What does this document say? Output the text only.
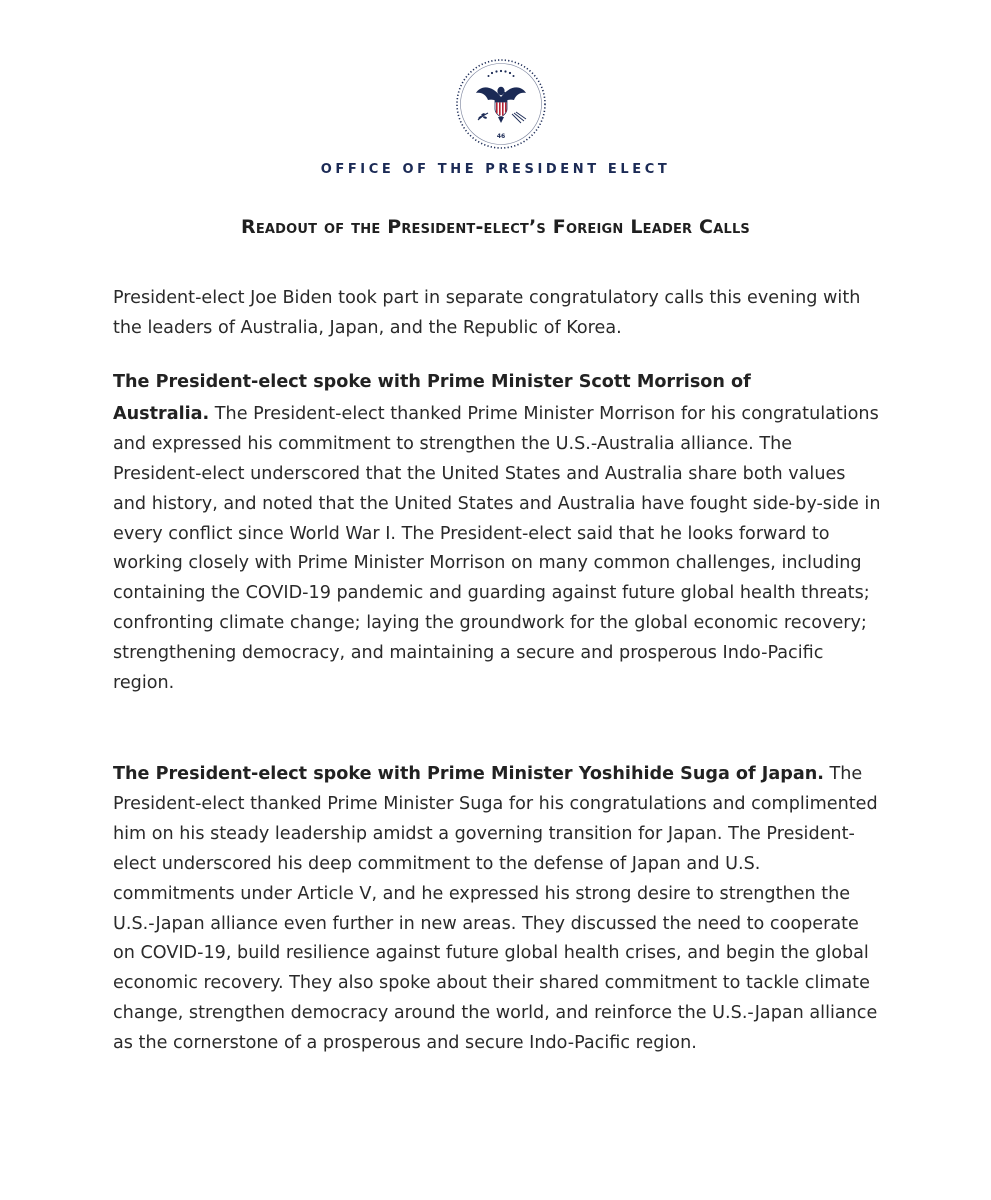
46
OFFICE OF THE PRESIDENT ELECT
Readout of the President-elect’s Foreign Leader Calls

President-elect Joe Biden took part in separate congratulatory calls this evening with the leaders of Australia, Japan, and the Republic of Korea.

The President-elect spoke with Prime Minister Scott Morrison of
Australia. The President-elect thanked Prime Minister Morrison for his congratulations and expressed his commitment to strengthen the U.S.-Australia alliance. The President-elect underscored that the United States and Australia share both values and history, and noted that the United States and Australia have fought side-by-side in every conflict since World War I. The President-elect said that he looks forward to working closely with Prime Minister Morrison on many common challenges, including containing the COVID-19 pandemic and guarding against future global health threats; confronting climate change; laying the groundwork for the global economic recovery; strengthening democracy, and maintaining a secure and prosperous Indo-Pacific region.

The President-elect spoke with Prime Minister Yoshihide Suga of Japan. The President-elect thanked Prime Minister Suga for his congratulations and complimented him on his steady leadership amidst a governing transition for Japan. The President-elect underscored his deep commitment to the defense of Japan and U.S. commitments under Article V, and he expressed his strong desire to strengthen the U.S.-Japan alliance even further in new areas. They discussed the need to cooperate on COVID-19, build resilience against future global health crises, and begin the global economic recovery. They also spoke about their shared commitment to tackle climate change, strengthen democracy around the world, and reinforce the U.S.-Japan alliance as the cornerstone of a prosperous and secure Indo-Pacific region.
